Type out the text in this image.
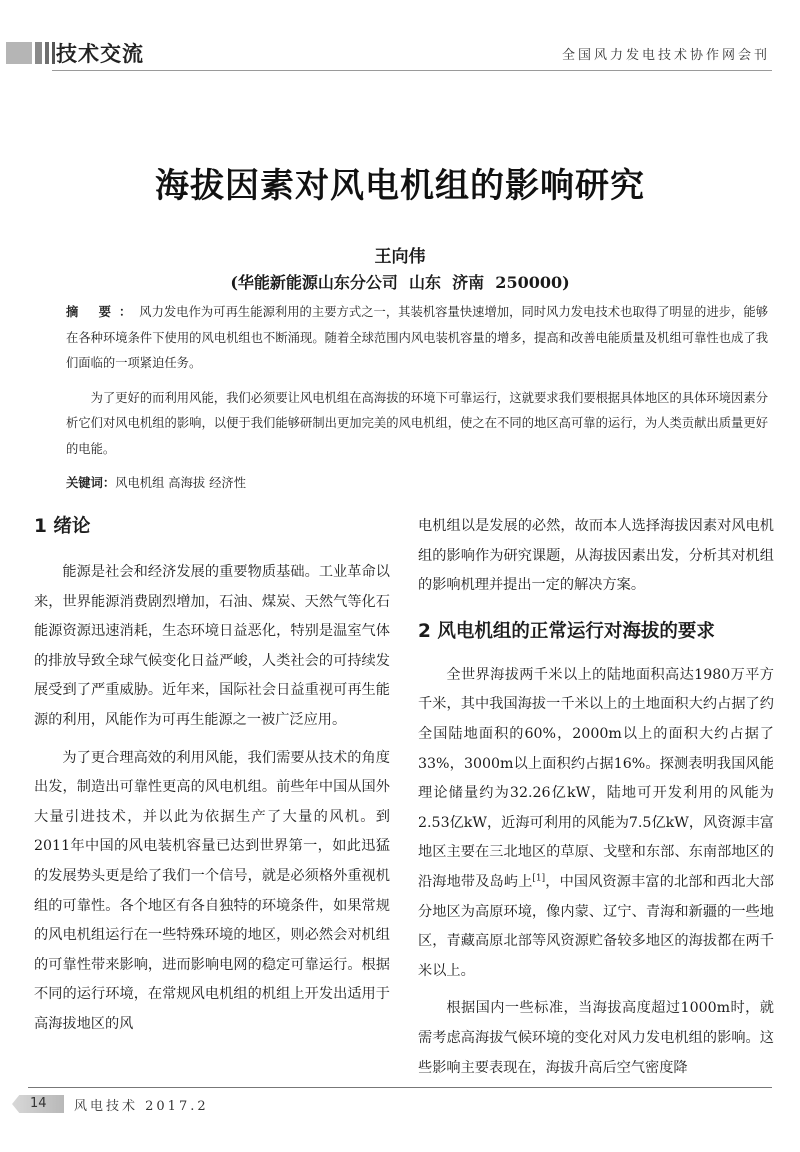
技术交流	全国风力发电技术协作网会刊
海拔因素对风电机组的影响研究
王向伟
(华能新能源山东分公司  山东  济南  250000)

摘 要：风力发电作为可再生能源利用的主要方式之一，其装机容量快速增加，同时风力发电技术也取得了明显的进步，能够在各种环境条件下使用的风电机组也不断涌现。随着全球范围内风电装机容量的增多，提高和改善电能质量及机组可靠性也成了我们面临的一项紧迫任务。

为了更好的而利用风能，我们必须要让风电机组在高海拔的环境下可靠运行，这就要求我们要根据具体地区的具体环境因素分析它们对风电机组的影响，以便于我们能够研制出更加完美的风电机组，使之在不同的地区高可靠的运行，为人类贡献出质量更好的电能。

关键词：风电机组 高海拔 经济性

1 绪论

能源是社会和经济发展的重要物质基础。工业革命以来，世界能源消费剧烈增加，石油、煤炭、天然气等化石能源资源迅速消耗，生态环境日益恶化，特别是温室气体的排放导致全球气候变化日益严峻，人类社会的可持续发展受到了严重威胁。近年来，国际社会日益重视可再生能源的利用，风能作为可再生能源之一被广泛应用。

为了更合理高效的利用风能，我们需要从技术的角度出发，制造出可靠性更高的风电机组。前些年中国从国外大量引进技术，并以此为依据生产了大量的风机。到2011年中国的风电装机容量已达到世界第一，如此迅猛的发展势头更是给了我们一个信号，就是必须格外重视机组的可靠性。各个地区有各自独特的环境条件，如果常规的风电机组运行在一些特殊环境的地区，则必然会对机组的可靠性带来影响，进而影响电网的稳定可靠运行。根据不同的运行环境，在常规风电机组的机组上开发出适用于高海拔地区的风

电机组以是发展的必然，故而本人选择海拔因素对风电机组的影响作为研究课题，从海拔因素出发，分析其对机组的影响机理并提出一定的解决方案。

2 风电机组的正常运行对海拔的要求

全世界海拔两千米以上的陆地面积高达1980万平方千米，其中我国海拔一千米以上的土地面积大约占据了约全国陆地面积的60%，2000m以上的面积大约占据了33%，3000m以上面积约占据16%。探测表明我国风能理论储量约为32.26亿kW，陆地可开发利用的风能为2.53亿kW，近海可利用的风能为7.5亿kW，风资源丰富地区主要在三北地区的草原、戈壁和东部、东南部地区的沿海地带及岛屿上[1]，中国风资源丰富的北部和西北大部分地区为高原环境，像内蒙、辽宁、青海和新疆的一些地区，青藏高原北部等风资源贮备较多地区的海拔都在两千米以上。

根据国内一些标准，当海拔高度超过1000m时，就需考虑高海拔气候环境的变化对风力发电机组的影响。这些影响主要表现在，海拔升高后空气密度降

14 风电技术 2017.2
